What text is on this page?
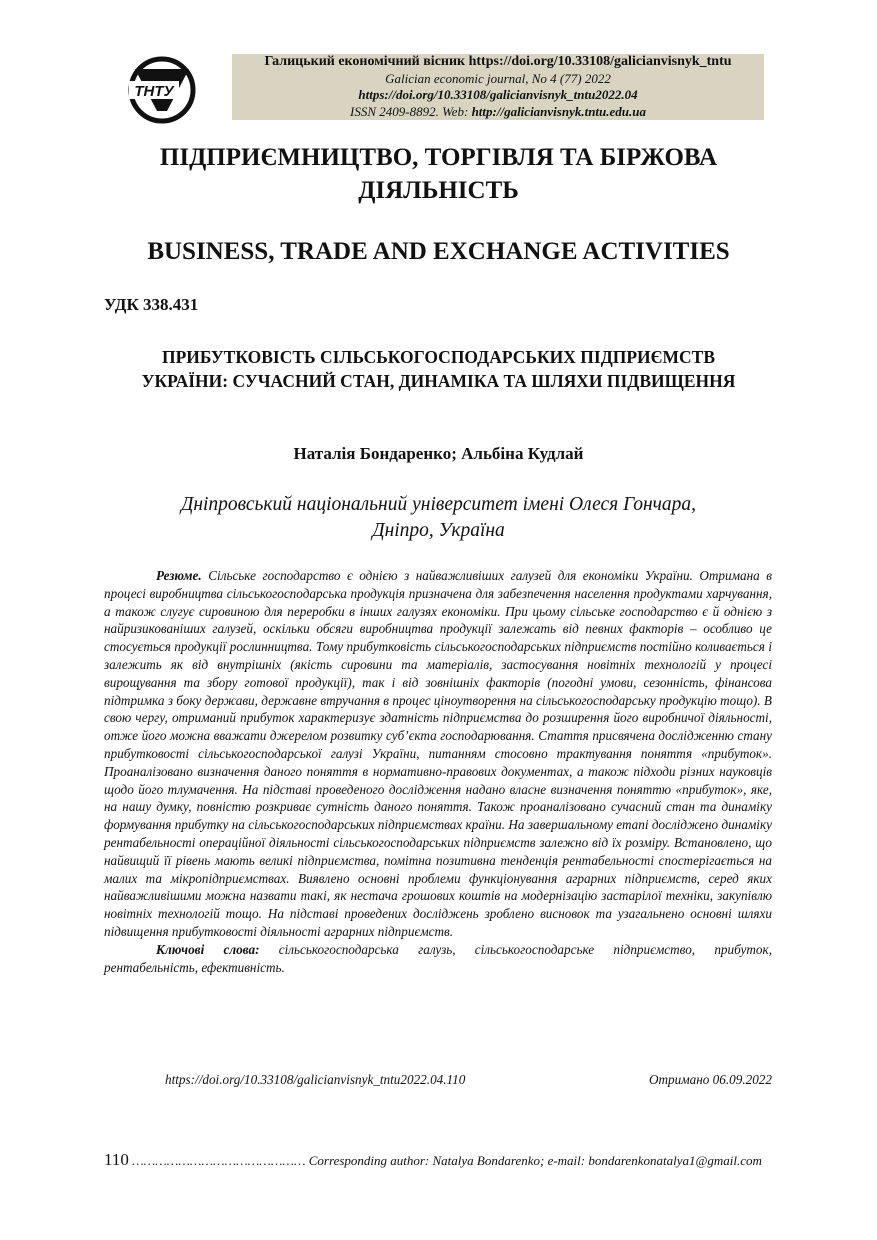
ТНТУ
Галицький економічний вісник https://doi.org/10.33108/galicianvisnyk_tntu
Galician economic journal, No 4 (77) 2022
https://doi.org/10.33108/galicianvisnyk_tntu2022.04
ISSN 2409-8892. Web: http://galicianvisnyk.tntu.edu.ua
ПІДПРИЄМНИЦТВО, ТОРГІВЛЯ ТА БІРЖОВА ДІЯЛЬНІСТЬ
BUSINESS, TRADE AND EXCHANGE ACTIVITIES
УДК 338.431
ПРИБУТКОВІСТЬ СІЛЬСЬКОГОСПОДАРСЬКИХ ПІДПРИЄМСТВ УКРАЇНИ: СУЧАСНИЙ СТАН, ДИНАМІКА ТА ШЛЯХИ ПІДВИЩЕННЯ
Наталія Бондаренко; Альбіна Кудлай
Дніпровський національний університет імені Олеся Гончара,
Дніпро, Україна

Резюме. Сільське господарство є однією з найважливіших галузей для економіки України. Отримана в процесі виробництва сільськогосподарська продукція призначена для забезпечення населення продуктами харчування, а також слугує сировиною для переробки в інших галузях економіки. При цьому сільське господарство є й однією з найризикованіших галузей, оскільки обсяги виробництва продукції залежать від певних факторів – особливо це стосується продукції рослинництва. Тому прибутковість сільськогосподарських підприємств постійно коливається і залежить як від внутрішніх (якість сировини та матеріалів, застосування новітніх технологій у процесі вирощування та збору готової продукції), так і від зовнішніх факторів (погодні умови, сезонність, фінансова підтримка з боку держави, державне втручання в процес ціноутворення на сільськогосподарську продукцію тощо). В свою чергу, отриманий прибуток характеризує здатність підприємства до розширення його виробничої діяльності, отже його можна вважати джерелом розвитку суб’єкта господарювання. Стаття присвячена дослідженню стану прибутковості сільськогосподарської галузі України, питанням стосовно трактування поняття «прибуток». Проаналізовано визначення даного поняття в нормативно-правових документах, а також підходи різних науковців щодо його тлумачення. На підставі проведеного дослідження надано власне визначення поняттю «прибуток», яке, на нашу думку, повністю розкриває сутність даного поняття. Також проаналізовано сучасний стан та динаміку формування прибутку на сільськогосподарських підприємствах країни. На завершальному етапі досліджено динаміку рентабельності операційної діяльності сільськогосподарських підприємств залежно від їх розміру. Встановлено, що найвищий її рівень мають великі підприємства, помітна позитивна тенденція рентабельності спостерігається на малих та мікропідприємствах. Виявлено основні проблеми функціонування аграрних підприємств, серед яких найважливішими можна назвати такі, як нестача грошових коштів на модернізацію застарілої техніки, закупівлю новітніх технологій тощо. На підставі проведених досліджень зроблено висновок та узагальнено основні шляхи підвищення прибутковості діяльності аграрних підприємств.

Ключові слова: сільськогосподарська галузь, сільськогосподарське підприємство, прибуток, рентабельність, ефективність.

https://doi.org/10.33108/galicianvisnyk_tntu2022.04.110	Отримано 06.09.2022
110 ……………………………………… Corresponding author: Natalya Bondarenko; e-mail: bondarenkonatalya1@gmail.com
